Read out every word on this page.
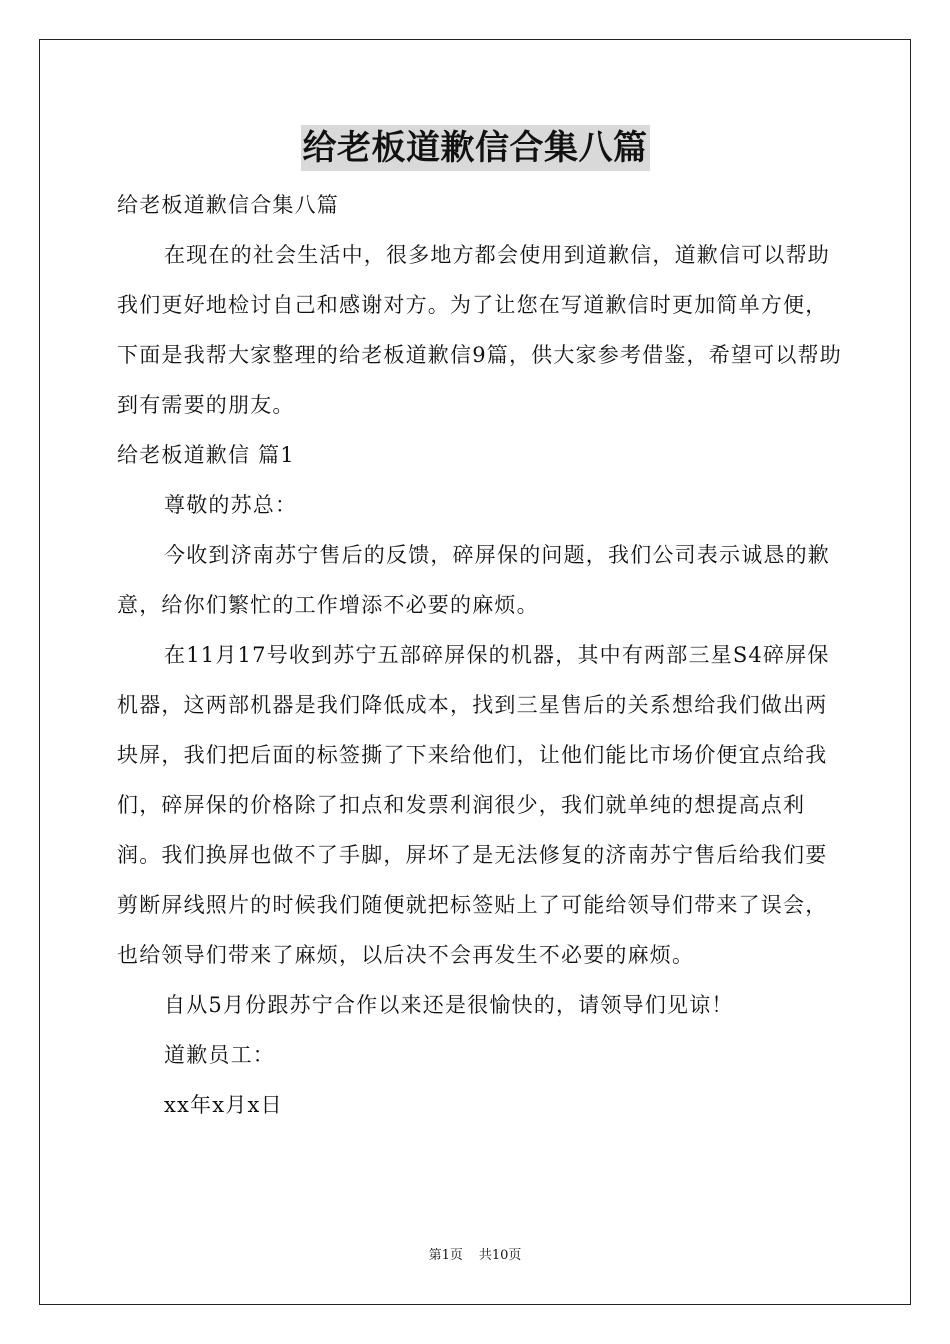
给老板道歉信合集八篇

给老板道歉信合集八篇

在现在的社会生活中，很多地方都会使用到道歉信，道歉信可以帮助我们更好地检讨自己和感谢对方。为了让您在写道歉信时更加简单方便，下面是我帮大家整理的给老板道歉信9篇，供大家参考借鉴，希望可以帮助到有需要的朋友。

给老板道歉信 篇1

尊敬的苏总：

今收到济南苏宁售后的反馈，碎屏保的问题，我们公司表示诚恳的歉意，给你们繁忙的工作增添不必要的麻烦。

在11月17号收到苏宁五部碎屏保的机器，其中有两部三星S4碎屏保机器，这两部机器是我们降低成本，找到三星售后的关系想给我们做出两块屏，我们把后面的标签撕了下来给他们，让他们能比市场价便宜点给我们，碎屏保的价格除了扣点和发票利润很少，我们就单纯的想提高点利润。我们换屏也做不了手脚，屏坏了是无法修复的济南苏宁售后给我们要剪断屏线照片的时候我们随便就把标签贴上了可能给领导们带来了误会，也给领导们带来了麻烦，以后决不会再发生不必要的麻烦。

自从5月份跟苏宁合作以来还是很愉快的，请领导们见谅！

道歉员工：

xx年x月x日

第1页 共10页
